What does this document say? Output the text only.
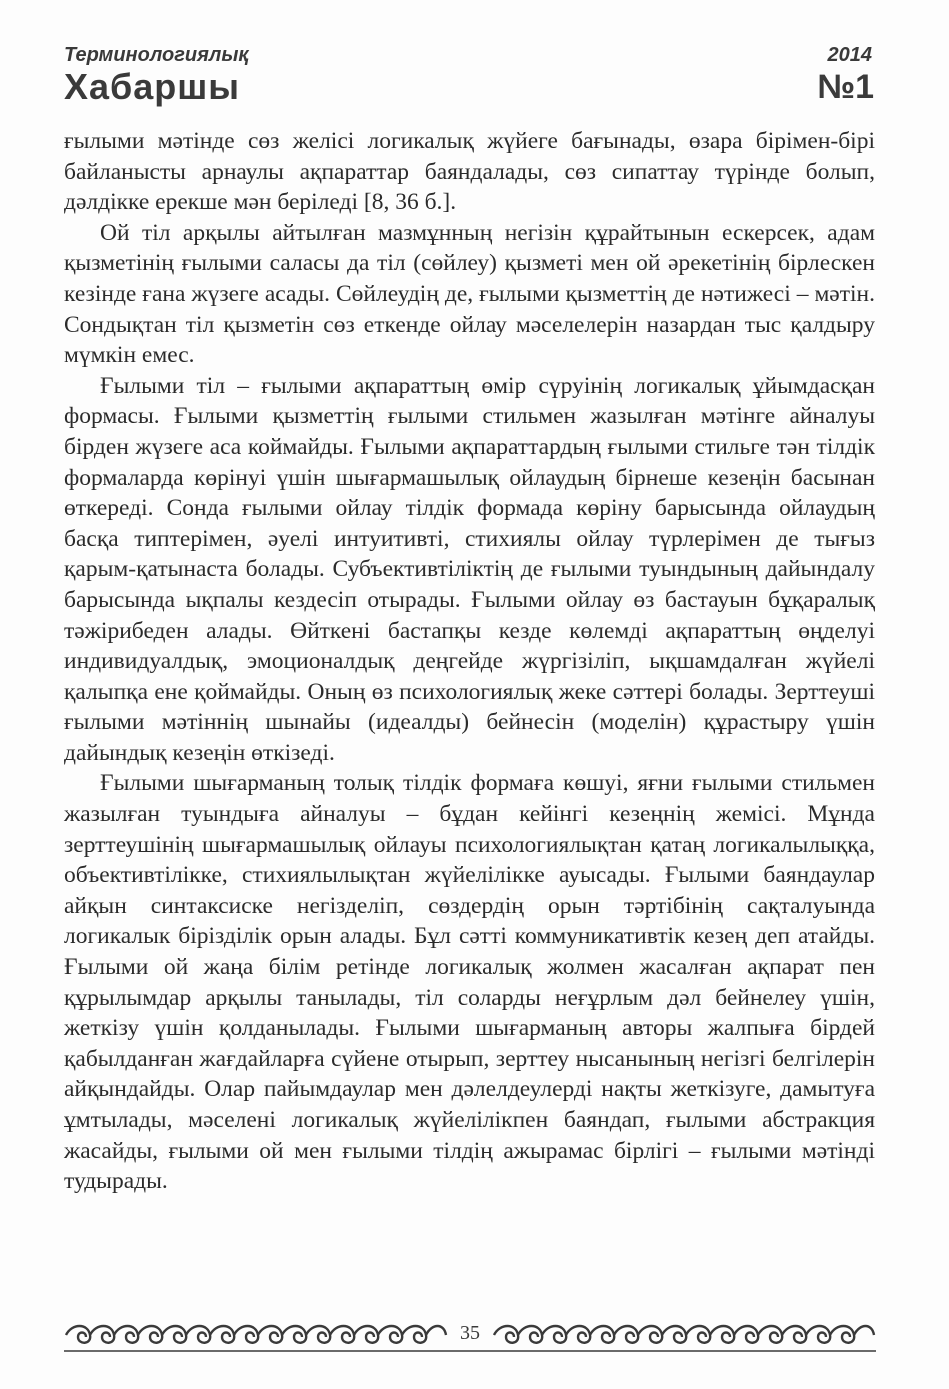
Терминологиялық
Хабаршы
2014
№1

ғылыми мәтінде сөз желісі логикалық жүйеге бағынады, өзара бірімен-бірі байланысты арнаулы ақпараттар баяндалады, сөз сипаттау түрінде болып, дәлдікке ерекше мән беріледі [8, 36 б.].

Ой тіл арқылы айтылған мазмұнның негізін құрайтынын ескерсек, адам қызметінің ғылыми саласы да тіл (сөйлеу) қызметі мен ой әрекетінің бірлескен кезінде ғана жүзеге асады. Сөйлеудің де, ғылыми қызметтің де нәтижесі – мәтін. Сондықтан тіл қызметін сөз еткенде ойлау мәселелерін назардан тыс қалдыру мүмкін емес.

Ғылыми тіл – ғылыми ақпараттың өмір сүруінің логикалық ұйымдасқан формасы. Ғылыми қызметтің ғылыми стильмен жазылған мәтінге айналуы бірден жүзеге аса коймайды. Ғылыми ақпараттардың ғылыми стильге тән тілдік формаларда көрінуі үшін шығармашылық ойлаудың бірнеше кезеңін басынан өткереді. Сонда ғылыми ойлау тілдік формада көріну барысында ойлаудың басқа типтерімен, әуелі интуитивті, стихиялы ойлау түрлерімен де тығыз қарым-қатынаста болады. Субъективтіліктің де ғылыми туындының дайындалу барысында ықпалы кездесіп отырады. Ғылыми ойлау өз бастауын бұқаралық тәжірибеден алады. Өйткені бастапқы кезде көлемді ақпараттың өңделуі индивидуалдық, эмоционалдық деңгейде жүргізіліп, ықшамдалған жүйелі қалыпқа ене қоймайды. Оның өз психологиялық жеке сәттері болады. Зерттеуші ғылыми мәтіннің шынайы (идеалды) бейнесін (моделін) құрастыру үшін дайындық кезеңін өткізеді.

Ғылыми шығарманың толық тілдік формаға көшуі, яғни ғылыми стильмен жазылған туындыға айналуы – бұдан кейінгі кезеңнің жемісі. Мұнда зерттеушінің шығармашылық ойлауы психологиялықтан қатаң логикалылыққа, объективтілікке, стихиялылықтан жүйелілікке ауысады. Ғылыми баяндаулар айқын синтаксиске негізделіп, сөздердің орын тәртібінің сақталуында логикалык біріздiлік орын алады. Бұл сәтті коммуникативтік кезең деп атайды. Ғылыми ой жаңа білім ретінде логикалық жолмен жасалған ақпарат пен құрылымдар арқылы танылады, тіл соларды неғұрлым дәл бейнелеу үшін, жеткізу үшін қолданылады. Ғылыми шығарманың авторы жалпыға бірдей қабылданған жағдайларға сүйене отырып, зерттеу нысанының негізгі белгілерін айқындайды. Олар пайымдаулар мен дәлелдеулерді нақты жеткізуге, дамытуға ұмтылады, мәселені логикалық жүйелілікпен баяндап, ғылыми абстракция жасайды, ғылыми ой мен ғылыми тілдің ажырамас бірлігі – ғылыми мәтінді тудырады.

35
